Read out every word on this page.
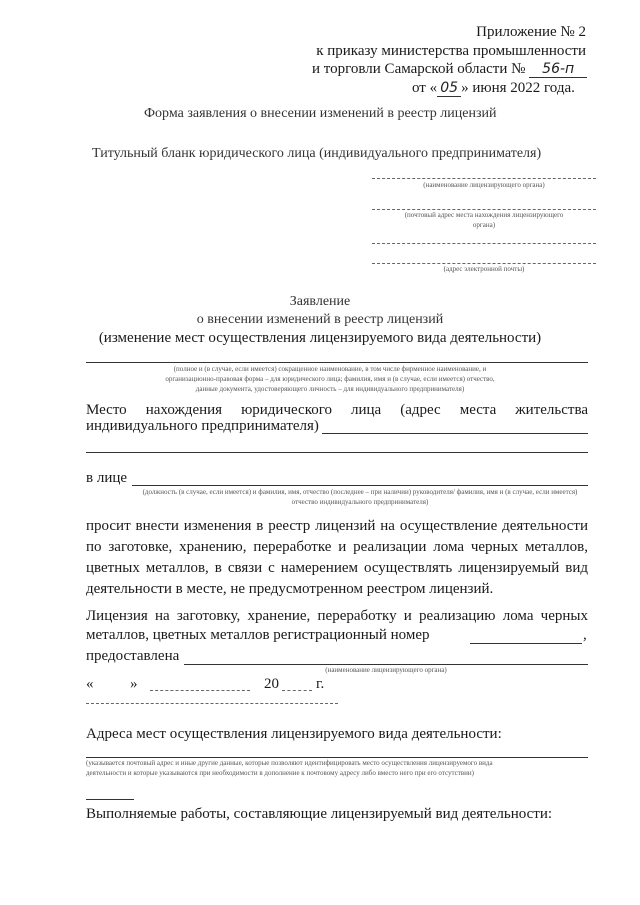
Приложение № 2
к приказу министерства промышленности
и торговли Самарской области № 56-п
от « 05 » июня 2022 года.
Форма заявления о внесении изменений в реестр лицензий
Титульный бланк юридического лица (индивидуального предпринимателя)
(наименование лицензирующего органа)
(почтовый адрес места нахождения лицензирующего
органа)
(адрес электронной почты)
Заявление
о внесении изменений в реестр лицензий
(изменение мест осуществления лицензируемого вида деятельности)
(полное и (в случае, если имеется) сокращенное наименование, в том числе фирменное наименование, и
организационно-правовая форма – для юридического лица; фамилия, имя и (в случае, если имеется) отчество,
данные документа, удостоверяющего личность – для индивидуального предпринимателя)
Место нахождения юридического лица (адрес места жительства
индивидуального предпринимателя)
в лице
(должность (в случае, если имеется) и фамилия, имя, отчество (последнее – при наличии) руководителя/ фамилия, имя и (в случае, если имеется)
отчество индивидуального предпринимателя)
просит внести изменения в реестр лицензий на осуществление деятельности
по заготовке, хранению, переработке и реализации лома черных металлов,
цветных металлов, в связи с намерением осуществлять лицензируемый вид
деятельности в месте, не предусмотренном реестром лицензий.
Лицензия на заготовку, хранение, переработку и реализацию лома черных
металлов, цветных металлов регистрационный номер	,
предоставлена
(наименование лицензирующего органа)
« »	20 г.
Адреса мест осуществления лицензируемого вида деятельности:
(указывается почтовый адрес и иные другие данные, которые позволяют идентифицировать место осуществления лицензируемого вида
деятельности и которые указываются при необходимости в дополнение к почтовому адресу либо вместо него при его отсутствии)
Выполняемые работы, составляющие лицензируемый вид деятельности:
